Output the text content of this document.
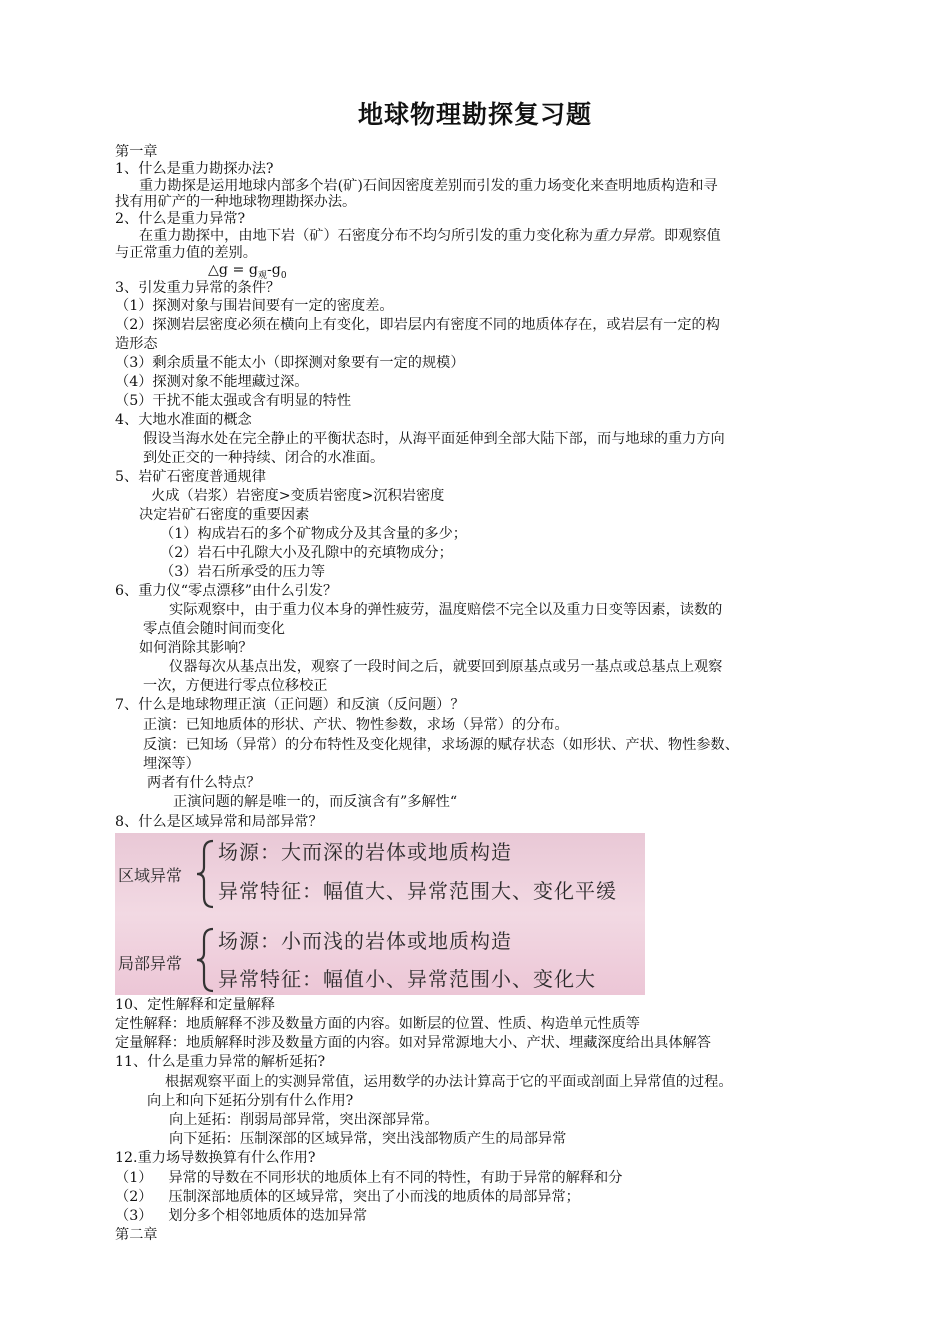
地球物理勘探复习题
第一章
1、什么是重力勘探办法?
重力勘探是运用地球内部多个岩(矿)石间因密度差别而引发的重力场变化来查明地质构造和寻
找有用矿产的一种地球物理勘探办法。
2、什么是重力异常?
在重力勘探中，由地下岩（矿）石密度分布不均匀所引发的重力变化称为重力异常。即观察值
与正常重力值的差别。
△g = $g_观-g_0$
3、引发重力异常的条件？
（1）探测对象与围岩间要有一定的密度差。
（2）探测岩层密度必须在横向上有变化，即岩层内有密度不同的地质体存在，或岩层有一定的构
造形态
（3）剩余质量不能太小（即探测对象要有一定的规模）
（4）探测对象不能埋藏过深。
（5）干扰不能太强或含有明显的特性
4、大地水准面的概念
假设当海水处在完全静止的平衡状态时，从海平面延伸到全部大陆下部，而与地球的重力方向
到处正交的一种持续、闭合的水准面。
5、岩矿石密度普通规律
火成（岩浆）岩密度>变质岩密度>沉积岩密度
决定岩矿石密度的重要因素
（1）构成岩石的多个矿物成分及其含量的多少；
（2）岩石中孔隙大小及孔隙中的充填物成分；
（3）岩石所承受的压力等
6、重力仪“零点漂移”由什么引发？
实际观察中，由于重力仪本身的弹性疲劳，温度赔偿不完全以及重力日变等因素，读数的
零点值会随时间而变化
如何消除其影响？
仪器每次从基点出发，观察了一段时间之后，就要回到原基点或另一基点或总基点上观察
一次，方便进行零点位移校正
7、什么是地球物理正演（正问题）和反演（反问题）？
正演：已知地质体的形状、产状、物性参数，求场（异常）的分布。
反演：已知场（异常）的分布特性及变化规律，求场源的赋存状态（如形状、产状、物性参数、
埋深等）
两者有什么特点？
正演问题的解是唯一的，而反演含有”多解性“
8、什么是区域异常和局部异常？
区域异常
场源：大而深的岩体或地质构造
异常特征：幅值大、异常范围大、变化平缓
局部异常
场源：小而浅的岩体或地质构造
异常特征：幅值小、异常范围小、变化大
10、定性解释和定量解释
定性解释：地质解释不涉及数量方面的内容。如断层的位置、性质、构造单元性质等
定量解释：地质解释时涉及数量方面的内容。如对异常源地大小、产状、埋藏深度给出具体解答
11、什么是重力异常的解析延拓?
根据观察平面上的实测异常值，运用数学的办法计算高于它的平面或剖面上异常值的过程。
向上和向下延拓分别有什么作用?
向上延拓：削弱局部异常，突出深部异常。
向下延拓：压制深部的区域异常，突出浅部物质产生的局部异常
12.重力场导数换算有什么作用?
（1） 异常的导数在不同形状的地质体上有不同的特性，有助于异常的解释和分
（2） 压制深部地质体的区域异常，突出了小而浅的地质体的局部异常；
（3） 划分多个相邻地质体的迭加异常
第二章
